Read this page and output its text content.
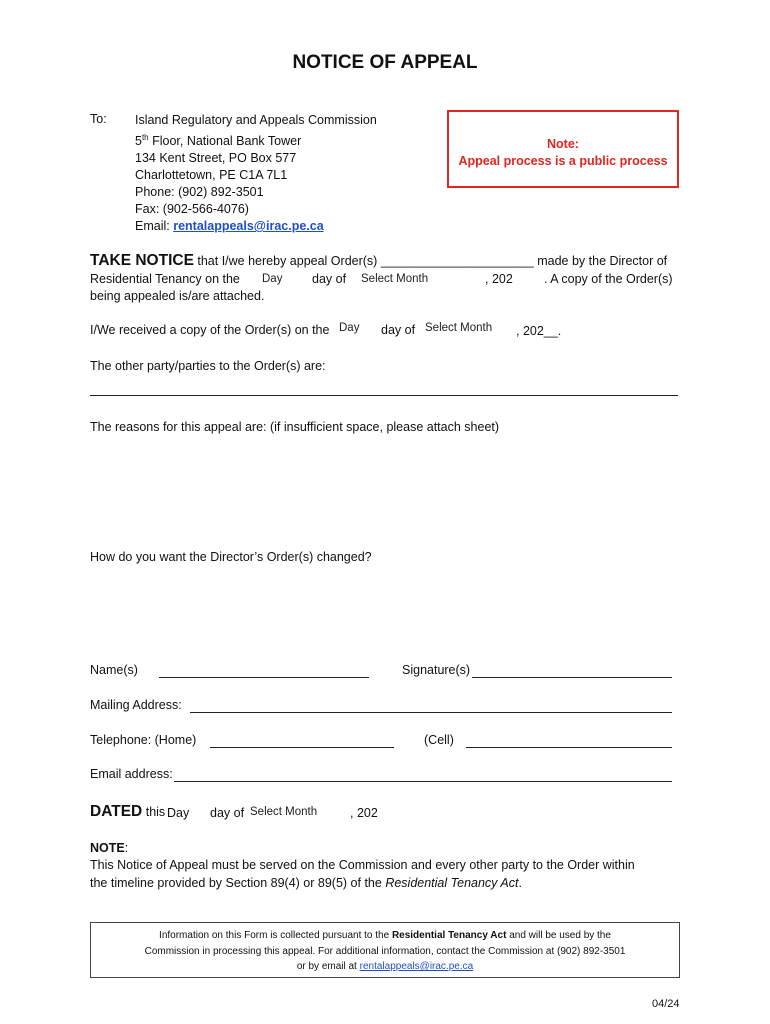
NOTICE OF APPEAL
To: Island Regulatory and Appeals Commission
5th Floor, National Bank Tower
134 Kent Street, PO Box 577
Charlottetown, PE C1A 7L1
Phone: (902) 892-3501
Fax: (902-566-4076)
Email: rentalappeals@irac.pe.ca
Note:
Appeal process is a public process
TAKE NOTICE that I/we hereby appeal Order(s) ______________________ made by the Director of
Residential Tenancy on the Day day of Select Month	, 202 . A copy of the Order(s)
being appealed is/are attached.
I/We received a copy of the Order(s) on the Day day of Select Month , 202__.
The other party/parties to the Order(s) are:
The reasons for this appeal are: (if insufficient space, please attach sheet)
How do you want the Director’s Order(s) changed?
Name(s)	Signature(s)
Mailing Address:
Telephone: (Home)	(Cell)
Email address:
DATED this Day day of Select Month	, 202
NOTE:
This Notice of Appeal must be served on the Commission and every other party to the Order within
the timeline provided by Section 89(4) or 89(5) of the Residential Tenancy Act.
Information on this Form is collected pursuant to the Residential Tenancy Act and will be used by the
Commission in processing this appeal. For additional information, contact the Commission at (902) 892-3501
or by email at rentalappeals@irac.pe.ca
04/24
